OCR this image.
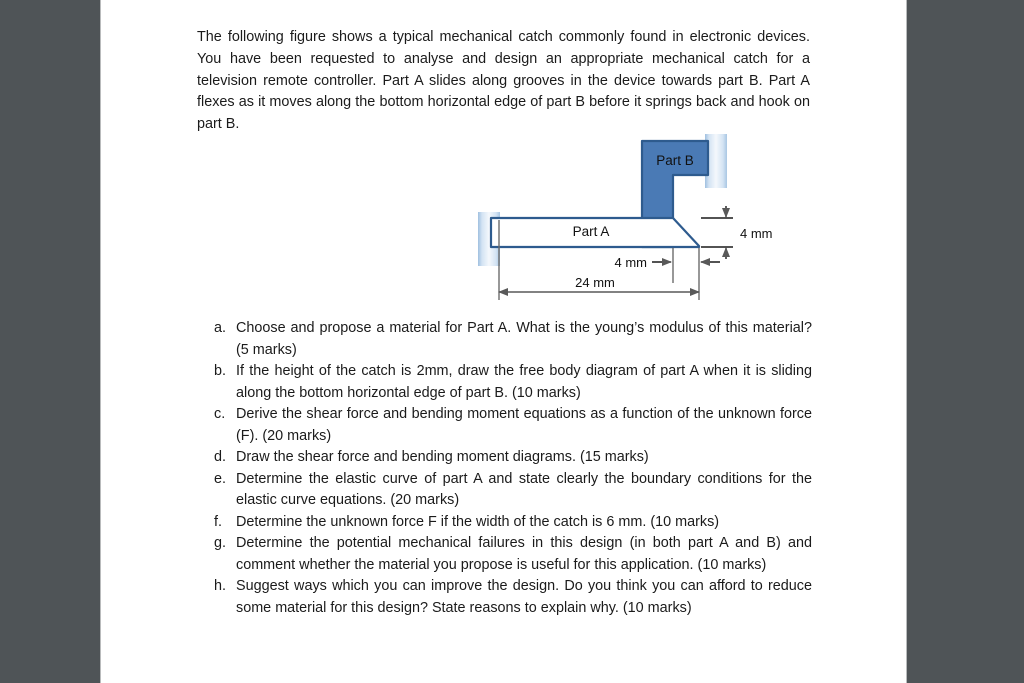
The following figure shows a typical mechanical catch commonly found in electronic devices. You have been requested to analyse and design an appropriate mechanical catch for a television remote controller. Part A slides along grooves in the device towards part B. Part A flexes as it moves along the bottom horizontal edge of part B before it springs back and hook on part B.

Part B
Part A	4 mm
4 mm
24 mm
a. Choose and propose a material for Part A. What is the young’s modulus of this material? (5 marks)
b. If the height of the catch is 2mm, draw the free body diagram of part A when it is sliding along the bottom horizontal edge of part B. (10 marks)
c. Derive the shear force and bending moment equations as a function of the unknown force (F). (20 marks)
d. Draw the shear force and bending moment diagrams. (15 marks)
e. Determine the elastic curve of part A and state clearly the boundary conditions for the elastic curve equations. (20 marks)
f. Determine the unknown force F if the width of the catch is 6 mm. (10 marks)
g. Determine the potential mechanical failures in this design (in both part A and B) and comment whether the material you propose is useful for this application. (10 marks)
h. Suggest ways which you can improve the design. Do you think you can afford to reduce some material for this design? State reasons to explain why. (10 marks)
